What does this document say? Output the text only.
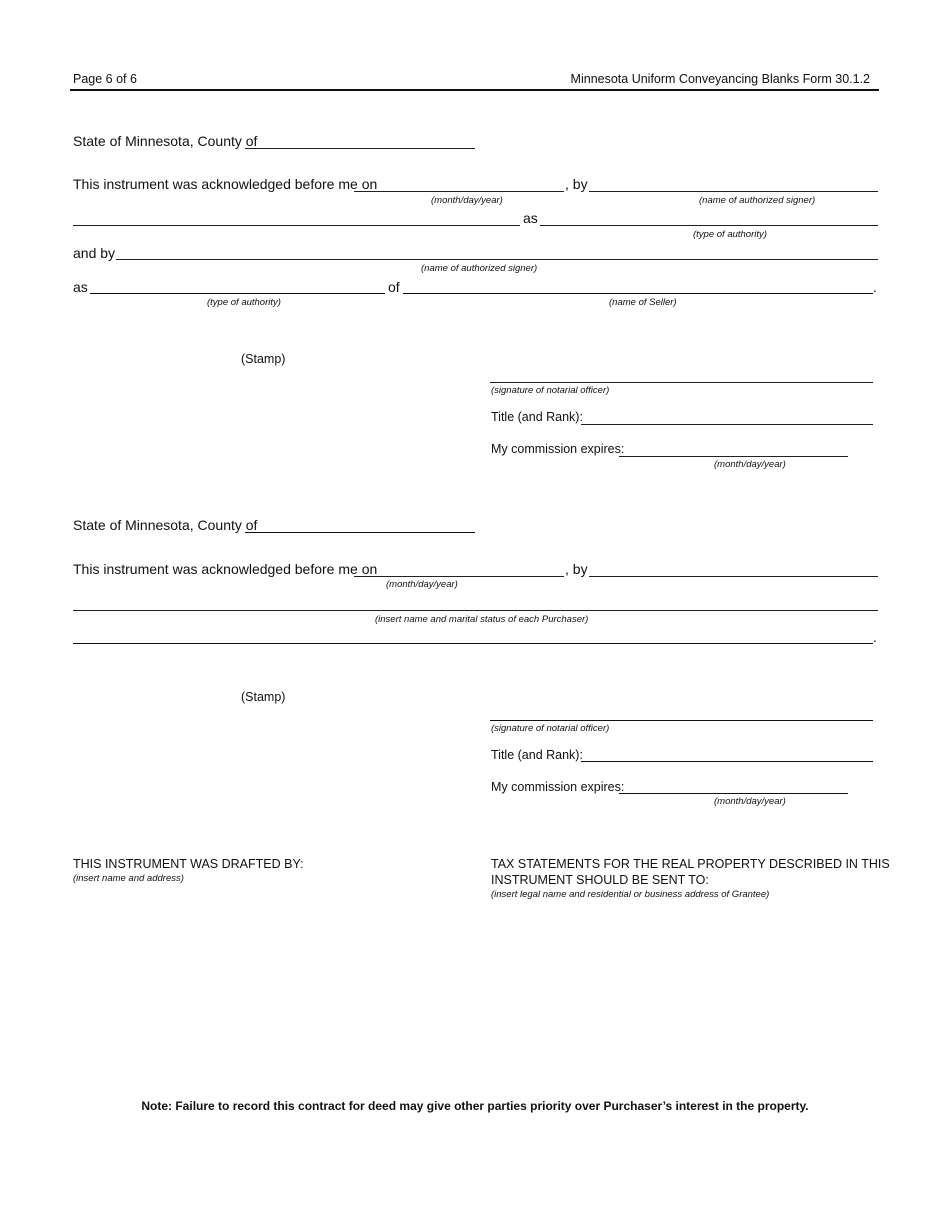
Page 6 of 6	Minnesota Uniform Conveyancing Blanks Form 30.1.2
State of Minnesota, County of
This instrument was acknowledged before me on	, by
(month/day/year)	(name of authorized signer)
as
(type of authority)
and by
(name of authorized signer)
as	of	.
(type of authority)	(name of Seller)
(Stamp)
(signature of notarial officer)
Title (and Rank):
My commission expires:
(month/day/year)
State of Minnesota, County of
This instrument was acknowledged before me on	, by
(month/day/year)
(insert name and marital status of each Purchaser)
.
(Stamp)
(signature of notarial officer)
Title (and Rank):
My commission expires:
(month/day/year)
THIS INSTRUMENT WAS DRAFTED BY:
(insert name and address)
TAX STATEMENTS FOR THE REAL PROPERTY DESCRIBED IN THIS
INSTRUMENT SHOULD BE SENT TO:
(insert legal name and residential or business address of Grantee)
Note: Failure to record this contract for deed may give other parties priority over Purchaser’s interest in the property.
